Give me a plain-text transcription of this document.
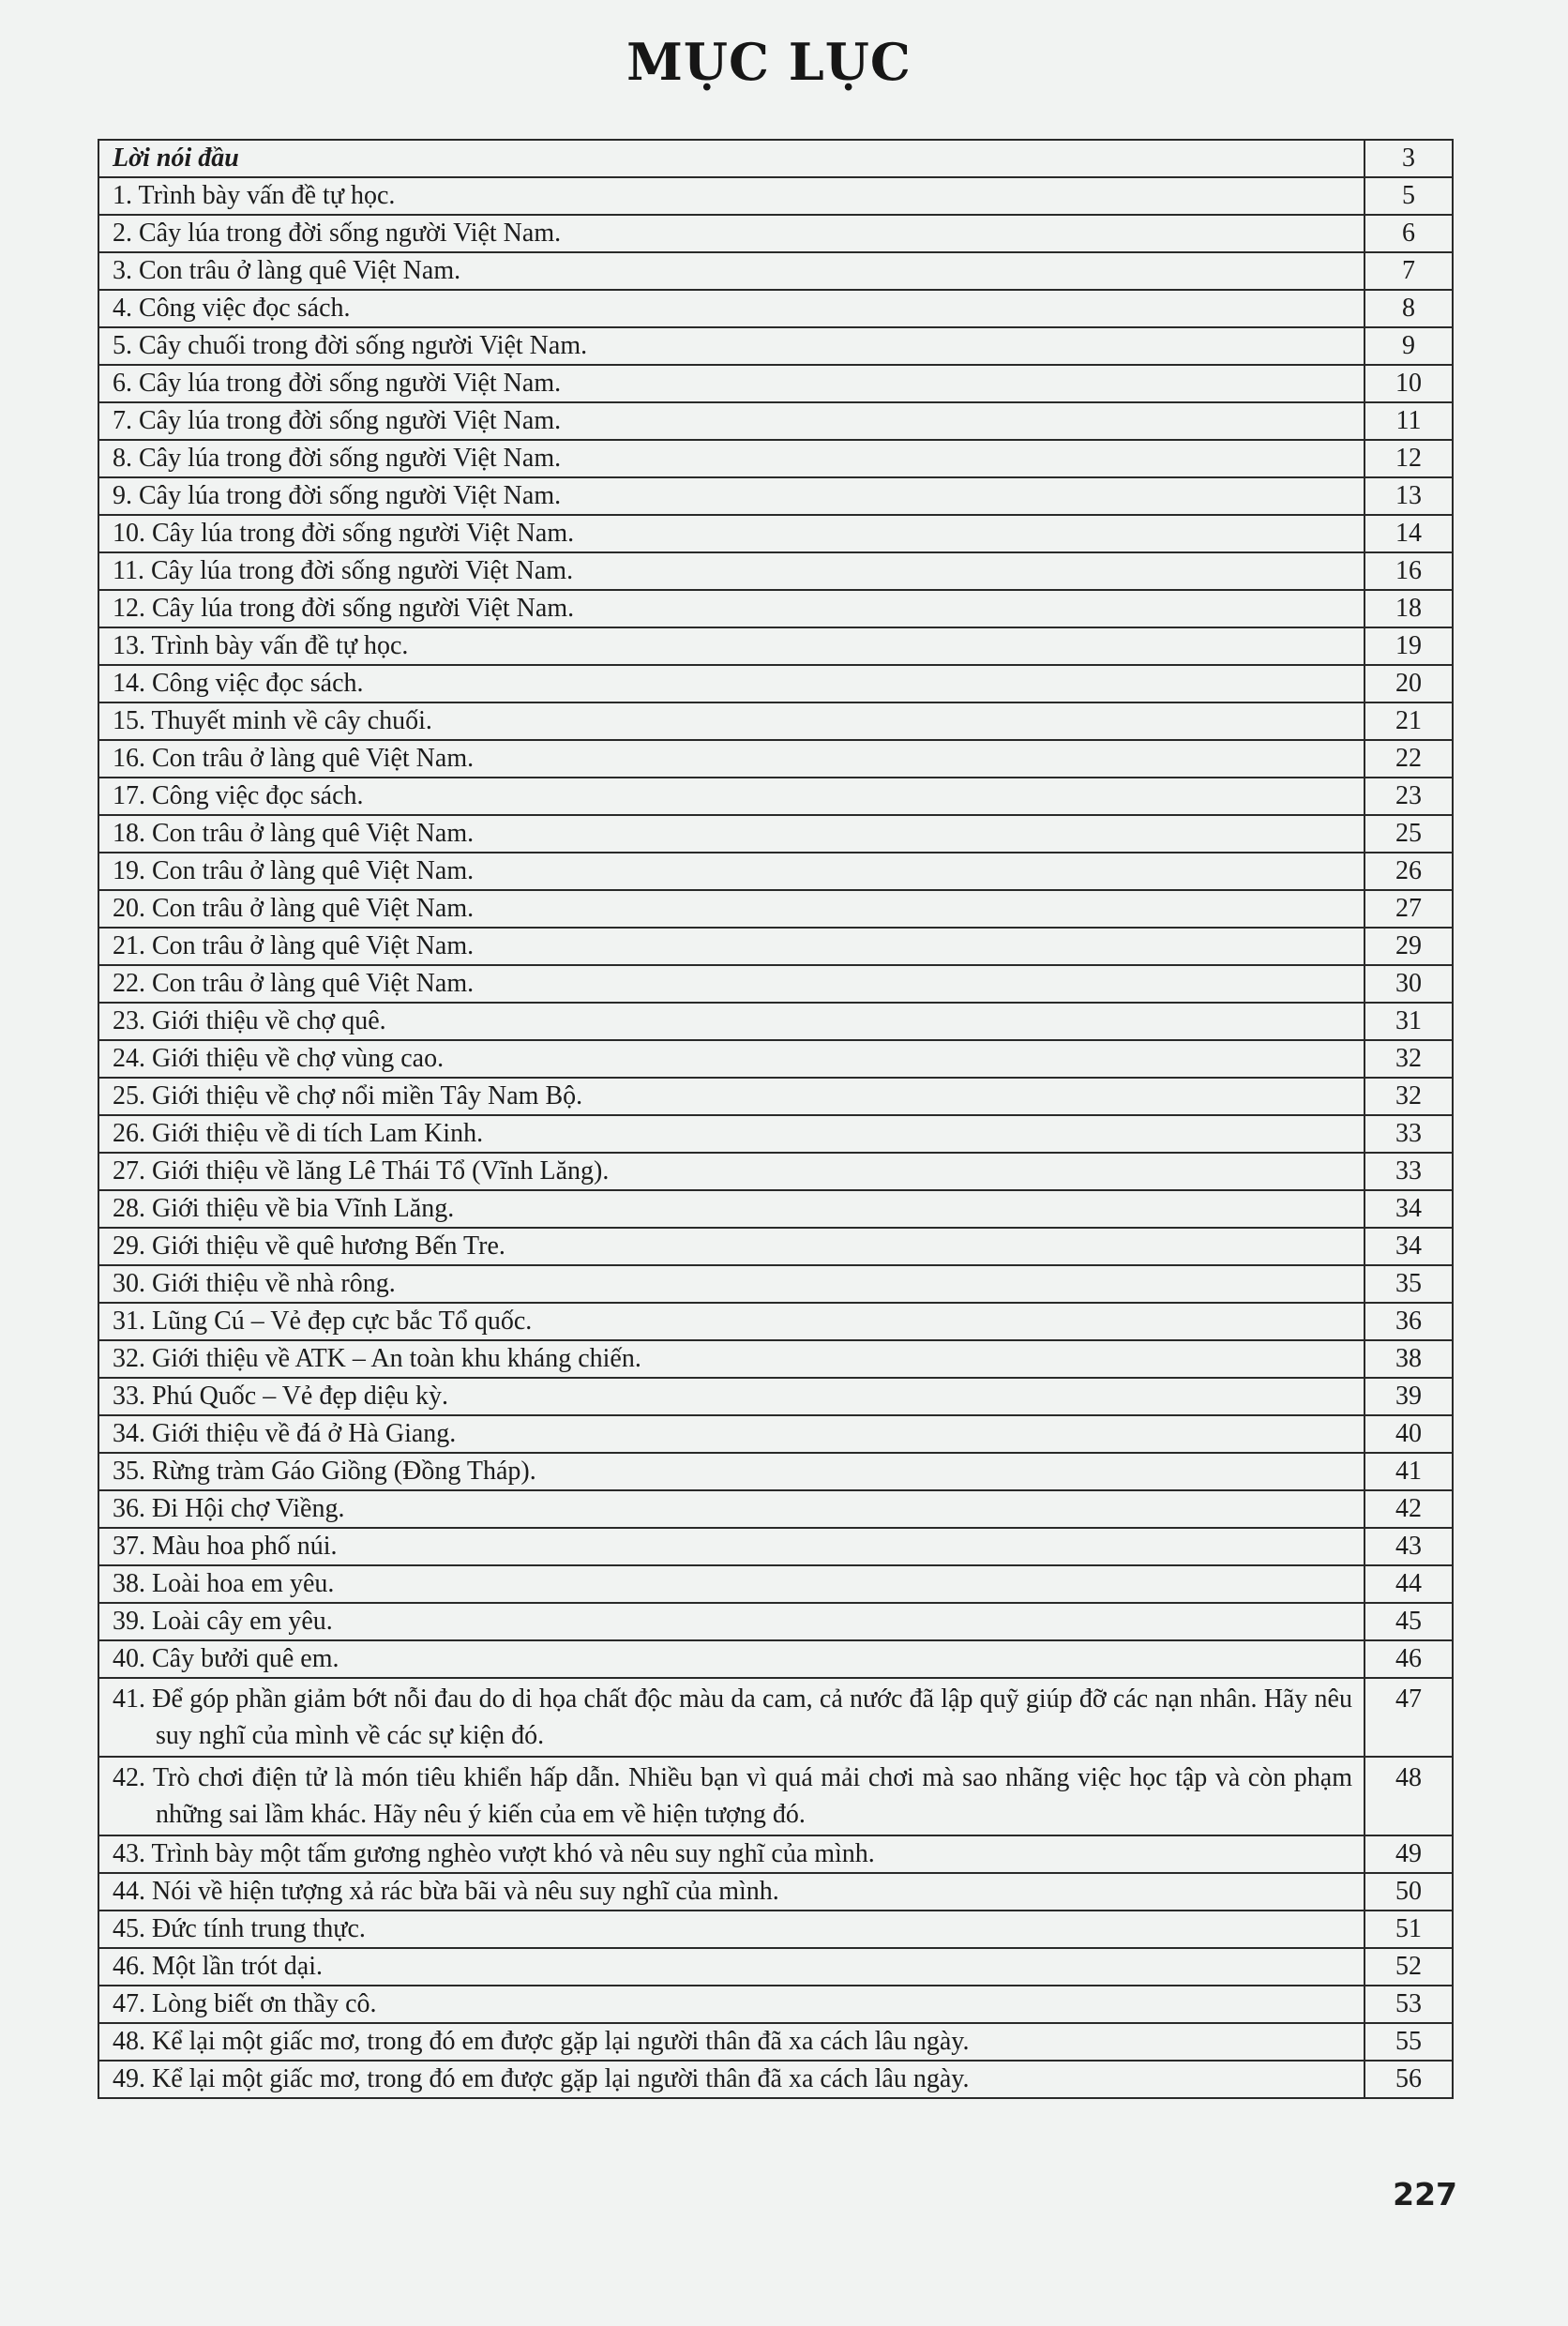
MỤC LỤC
Lời nói đầu	3
1. Trình bày vấn đề tự học.	5
2. Cây lúa trong đời sống người Việt Nam.	6
3. Con trâu ở làng quê Việt Nam.	7
4. Công việc đọc sách.	8
5. Cây chuối trong đời sống người Việt Nam.	9
6. Cây lúa trong đời sống người Việt Nam.	10
7. Cây lúa trong đời sống người Việt Nam.	11
8. Cây lúa trong đời sống người Việt Nam.	12
9. Cây lúa trong đời sống người Việt Nam.	13
10. Cây lúa trong đời sống người Việt Nam.	14
11. Cây lúa trong đời sống người Việt Nam.	16
12. Cây lúa trong đời sống người Việt Nam.	18
13. Trình bày vấn đề tự học.	19
14. Công việc đọc sách.	20
15. Thuyết minh về cây chuối.	21
16. Con trâu ở làng quê Việt Nam.	22
17. Công việc đọc sách.	23
18. Con trâu ở làng quê Việt Nam.	25
19. Con trâu ở làng quê Việt Nam.	26
20. Con trâu ở làng quê Việt Nam.	27
21. Con trâu ở làng quê Việt Nam.	29
22. Con trâu ở làng quê Việt Nam.	30
23. Giới thiệu về chợ quê.	31
24. Giới thiệu về chợ vùng cao.	32
25. Giới thiệu về chợ nổi miền Tây Nam Bộ.	32
26. Giới thiệu về di tích Lam Kinh.	33
27. Giới thiệu về lăng Lê Thái Tổ (Vĩnh Lăng).	33
28. Giới thiệu về bia Vĩnh Lăng.	34
29. Giới thiệu về quê hương Bến Tre.	34
30. Giới thiệu về nhà rông.	35
31. Lũng Cú – Vẻ đẹp cực bắc Tổ quốc.	36
32. Giới thiệu về ATK – An toàn khu kháng chiến.	38
33. Phú Quốc – Vẻ đẹp diệu kỳ.	39
34. Giới thiệu về đá ở Hà Giang.	40
35. Rừng tràm Gáo Giồng (Đồng Tháp).	41
36. Đi Hội chợ Viềng.	42
37. Màu hoa phố núi.	43
38. Loài hoa em yêu.	44
39. Loài cây em yêu.	45
40. Cây bưởi quê em.	46
41. Để góp phần giảm bớt nỗi đau do di họa chất độc màu da cam, cả nước đã lập quỹ giúp đỡ các nạn nhân. Hãy nêu suy nghĩ của mình về các sự kiện đó.	47
42. Trò chơi điện tử là món tiêu khiển hấp dẫn. Nhiều bạn vì quá mải chơi mà sao nhãng việc học tập và còn phạm những sai lầm khác. Hãy nêu ý kiến của em về hiện tượng đó.	48
43. Trình bày một tấm gương nghèo vượt khó và nêu suy nghĩ của mình.	49
44. Nói về hiện tượng xả rác bừa bãi và nêu suy nghĩ của mình.	50
45. Đức tính trung thực.	51
46. Một lần trót dại.	52
47. Lòng biết ơn thầy cô.	53
48. Kể lại một giấc mơ, trong đó em được gặp lại người thân đã xa cách lâu ngày.	55
49. Kể lại một giấc mơ, trong đó em được gặp lại người thân đã xa cách lâu ngày.	56
227
